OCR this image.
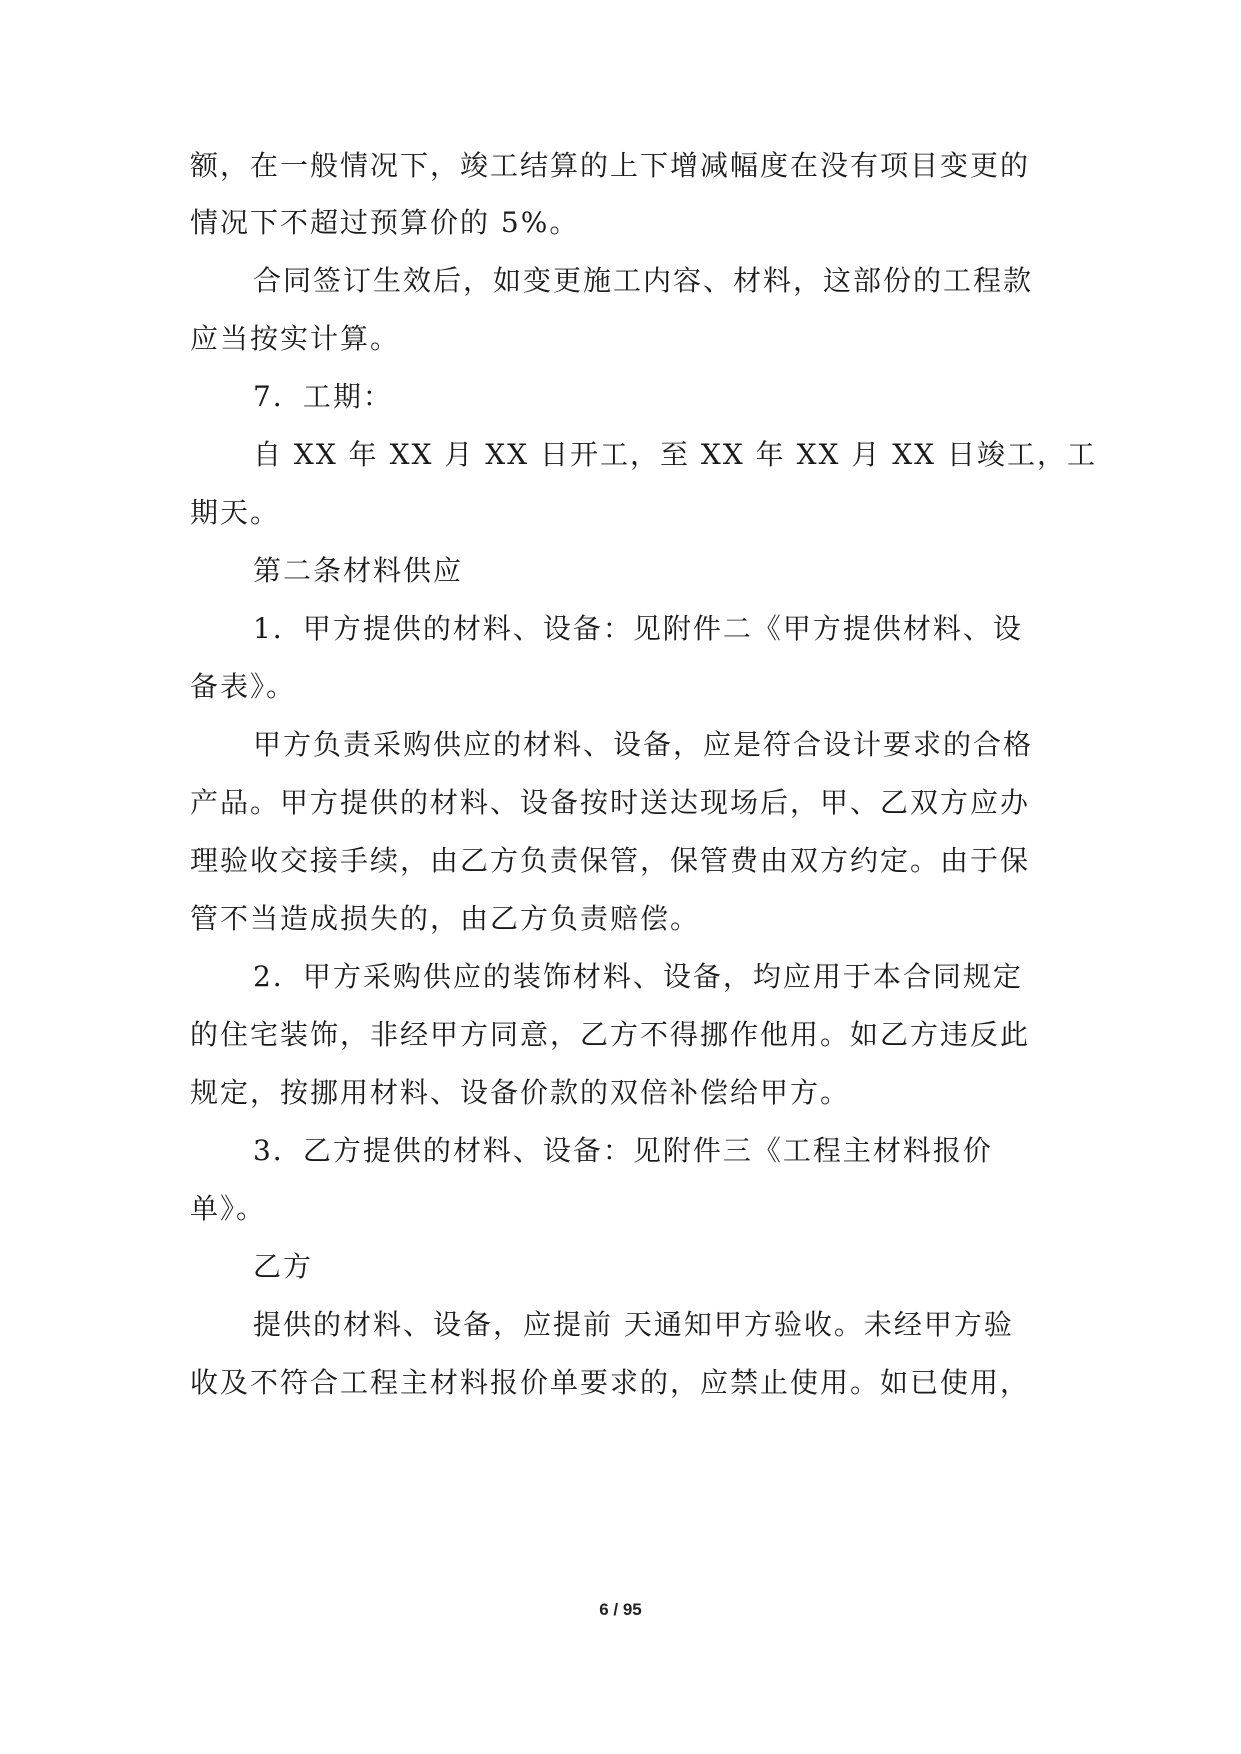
额，在一般情况下，竣工结算的上下增减幅度在没有项目变更的
情况下不超过预算价的 5%。
合同签订生效后，如变更施工内容、材料，这部份的工程款
应当按实计算。
7．工期：
自 XX 年 XX 月 XX 日开工，至 XX 年 XX 月 XX 日竣工，工
期天。
第二条材料供应
1．甲方提供的材料、设备：见附件二《甲方提供材料、设
备表》。
甲方负责采购供应的材料、设备，应是符合设计要求的合格
产品。甲方提供的材料、设备按时送达现场后，甲、乙双方应办
理验收交接手续，由乙方负责保管，保管费由双方约定。由于保
管不当造成损失的，由乙方负责赔偿。
2．甲方采购供应的装饰材料、设备，均应用于本合同规定
的住宅装饰，非经甲方同意，乙方不得挪作他用。如乙方违反此
规定，按挪用材料、设备价款的双倍补偿给甲方。
3．乙方提供的材料、设备：见附件三《工程主材料报价
单》。
乙方
提供的材料、设备，应提前 天通知甲方验收。未经甲方验
收及不符合工程主材料报价单要求的，应禁止使用。如已使用，
6 / 95
